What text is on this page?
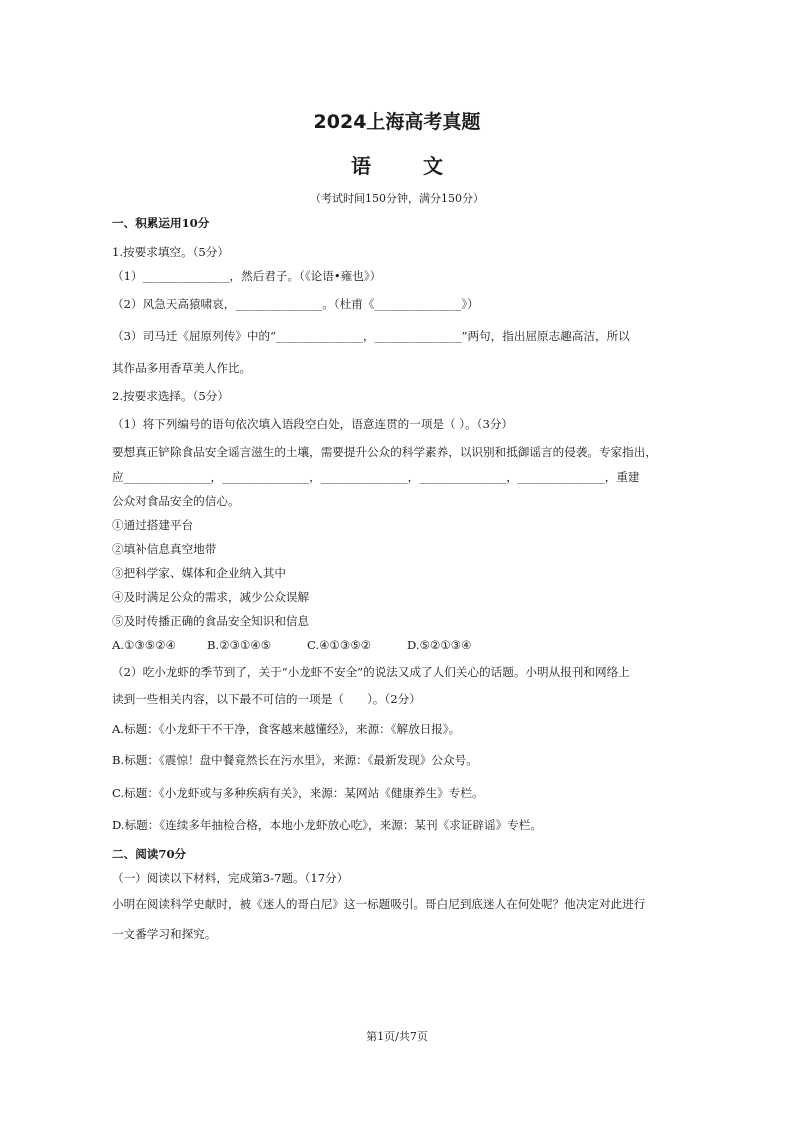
2024上海高考真题
语文
（考试时间150分钟，满分150分）
一、积累运用10分
1.按要求填空。（5分）
（1）_______________，然后君子。（《论语•雍也》）
（2）风急天高猿啸哀，_______________。（杜甫《_______________》）
（3）司马迁《屈原列传》中的“_______________，_______________”两句，指出屈原志趣高洁，所以
其作品多用香草美人作比。
2.按要求选择。（5分）
（1）将下列编号的语句依次填入语段空白处，语意连贯的一项是（ ）。（3分）
要想真正铲除食品安全谣言滋生的土壤，需要提升公众的科学素养，以识别和抵御谣言的侵袭。专家指出，
应_______________，_______________，_______________，_______________，_______________，重建
公众对食品安全的信心。
①通过搭建平台
②填补信息真空地带
③把科学家、媒体和企业纳入其中
④及时满足公众的需求，减少公众误解
⑤及时传播正确的食品安全知识和信息
A.①③⑤②④	B.②③①④⑤	C.④①③⑤②	D.⑤②①③④
（2）吃小龙虾的季节到了，关于“小龙虾不安全”的说法又成了人们关心的话题。小明从报刊和网络上
读到一些相关内容，以下最不可信的一项是（　　）。（2分）
A.标题：《小龙虾干不干净，食客越来越懂经》，来源：《解放日报》。
B.标题：《震惊！盘中餐竟然长在污水里》，来源：《最新发现》公众号。
C.标题：《小龙虾或与多种疾病有关》，来源：某网站《健康养生》专栏。
D.标题：《连续多年抽检合格，本地小龙虾放心吃》，来源：某刊《求证辟谣》专栏。
二、阅读70分
（一）阅读以下材料，完成第3-7题。（17分）
小明在阅读科学史献时，被《迷人的哥白尼》这一标题吸引。哥白尼到底迷人在何处呢？他决定对此进行
一文番学习和探究。
第1页/共7页
